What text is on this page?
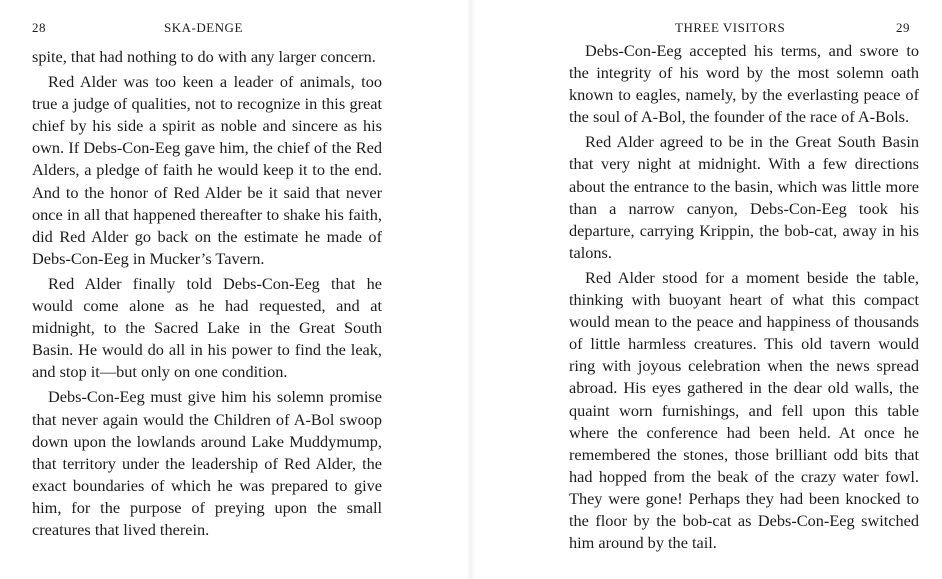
28	SKA-DENGE

spite, that had nothing to do with any larger concern.

Red Alder was too keen a leader of animals, too true a judge of qualities, not to recognize in this great chief by his side a spirit as noble and sincere as his own. If Debs-Con-Eeg gave him, the chief of the Red Alders, a pledge of faith he would keep it to the end. And to the honor of Red Alder be it said that never once in all that happened thereafter to shake his faith, did Red Alder go back on the estimate he made of Debs-Con-Eeg in Mucker’s Tavern.

Red Alder finally told Debs-Con-Eeg that he would come alone as he had requested, and at midnight, to the Sacred Lake in the Great South Basin. He would do all in his power to find the leak, and stop it—but only on one condition.

Debs-Con-Eeg must give him his solemn promise that never again would the Children of A-Bol swoop down upon the lowlands around Lake Muddymump, that territory under the leadership of Red Alder, the exact boundaries of which he was prepared to give him, for the purpose of preying upon the small creatures that lived therein.

THREE VISITORS	29

Debs-Con-Eeg accepted his terms, and swore to the integrity of his word by the most solemn oath known to eagles, namely, by the everlasting peace of the soul of A-Bol, the founder of the race of A-Bols.

Red Alder agreed to be in the Great South Basin that very night at midnight. With a few directions about the entrance to the basin, which was little more than a narrow canyon, Debs-Con-Eeg took his departure, carrying Krippin, the bob-cat, away in his talons.

Red Alder stood for a moment beside the table, thinking with buoyant heart of what this compact would mean to the peace and happiness of thousands of little harmless creatures. This old tavern would ring with joyous celebration when the news spread abroad. His eyes gathered in the dear old walls, the quaint worn furnishings, and fell upon this table where the conference had been held. At once he remembered the stones, those brilliant odd bits that had hopped from the beak of the crazy water fowl. They were gone! Perhaps they had been knocked to the floor by the bob-cat as Debs-Con-Eeg switched him around by the tail.
